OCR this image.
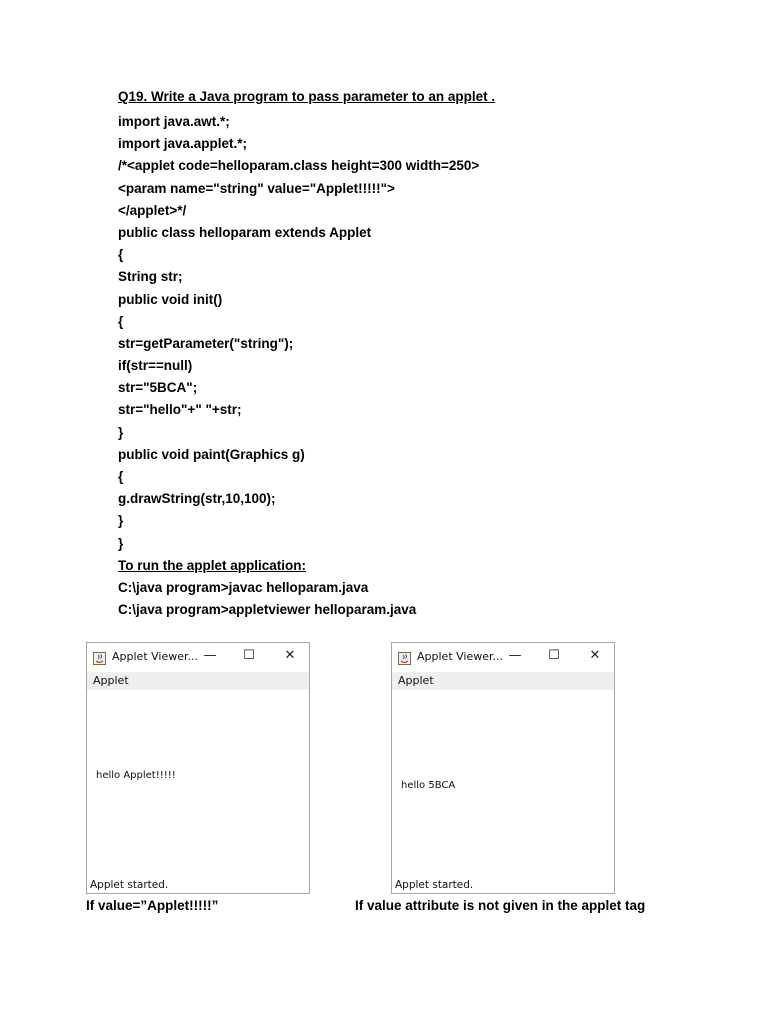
Q19. Write a Java program to pass parameter to an applet .
import java.awt.*;
import java.applet.*;
/*<applet code=helloparam.class height=300 width=250>
<param name="string" value="Applet!!!!!">
</applet>*/
public class helloparam extends Applet
{
String str;
public void init()
{
str=getParameter("string");
if(str==null)
str="5BCA";
str="hello"+" "+str;
}
public void paint(Graphics g)
{
g.drawString(str,10,100);
}
}
To run the applet application:
C:\java program>javac helloparam.java
C:\java program>appletviewer helloparam.java
Applet Viewer... —	☐	✕
Applet
hello Applet!!!!!
Applet started.
Applet Viewer... —	☐	✕
Applet
hello 5BCA
Applet started.
If value=”Applet!!!!!”	If value attribute is not given in the applet tag
